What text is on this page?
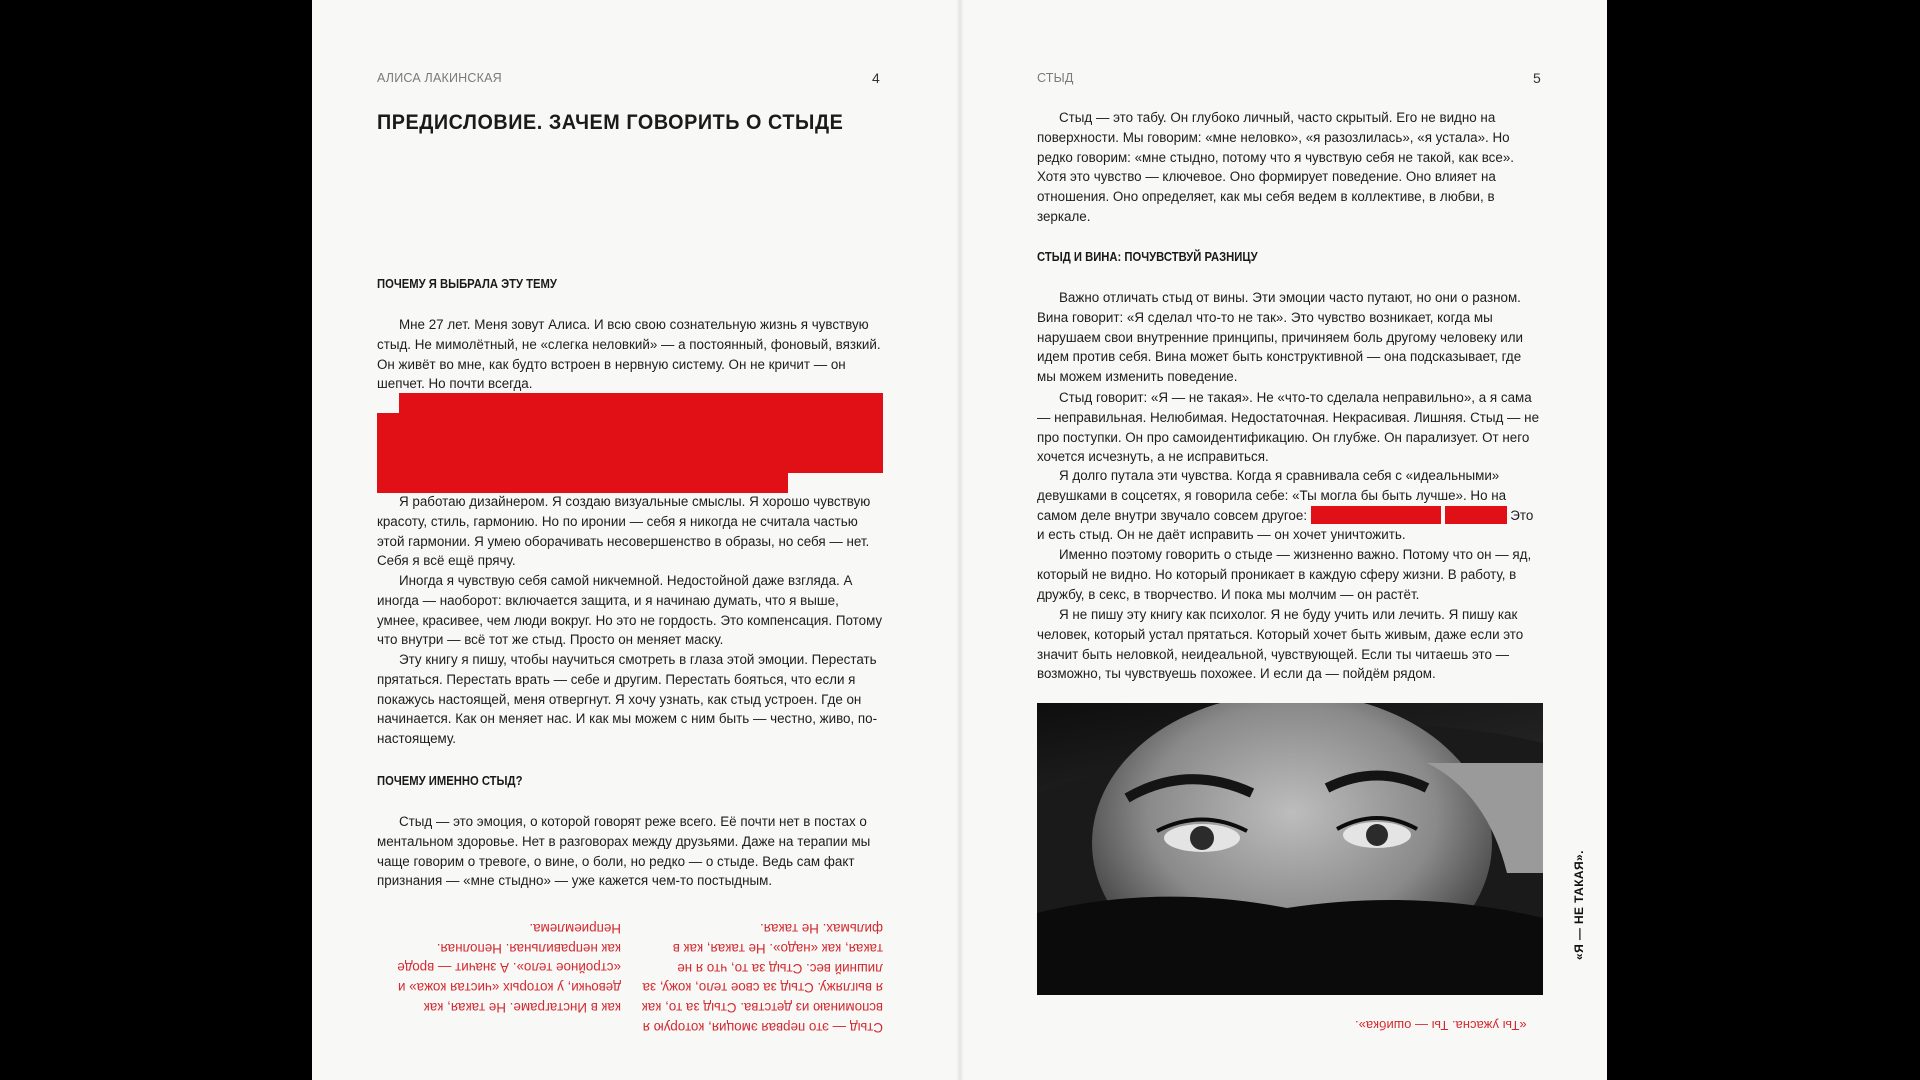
АЛИСА ЛАКИНСКАЯ	4
ПРЕДИСЛОВИЕ. ЗАЧЕМ ГОВОРИТЬ О СТЫДЕ
ПОЧЕМУ Я ВЫБРАЛА ЭТУ ТЕМУ

Мне 27 лет. Меня зовут Алиса. И всю свою сознательную жизнь я чувствую стыд. Не мимолётный, не «слегка неловкий» — а постоянный, фоновый, вязкий. Он живёт во мне, как будто встроен в нервную систему. Он не кричит — он шепчет. Но почти всегда.

Я работаю дизайнером. Я создаю визуальные смыслы. Я хорошо чувствую красоту, стиль, гармонию. Но по иронии — себя я никогда не считала частью этой гармонии. Я умею оборачивать несовершенство в образы, но себя — нет. Себя я всё ещё прячу.

Иногда я чувствую себя самой никчемной. Недостойной даже взгляда. А иногда — наоборот: включается защита, и я начинаю думать, что я выше, умнее, красивее, чем люди вокруг. Но это не гордость. Это компенсация. Потому что внутри — всё тот же стыд. Просто он меняет маску.

Эту книгу я пишу, чтобы научиться смотреть в глаза этой эмоции. Перестать прятаться. Перестать врать — себе и другим. Перестать бояться, что если я покажусь настоящей, меня отвергнут. Я хочу узнать, как стыд устроен. Где он начинается. Как он меняет нас. И как мы можем с ним быть — честно, живо, по-настоящему.

ПОЧЕМУ ИМЕННО СТЫД?

Стыд — это эмоция, о которой говорят реже всего. Её почти нет в постах о ментальном здоровье. Нет в разговорах между друзьями. Даже на терапии мы чаще говорим о тревоге, о вине, о боли, но редко — о стыде. Ведь сам факт признания — «мне стыдно» — уже кажется чем-то постыдным.

как в Инстаграме. Не такая, как девочки, у которых «чистая кожа» и «стройное тело». А значит — вроде как неправильная. Неполная. Неприемлема.

Стыд — это первая эмоция, которую я вспоминаю из детства. Стыд за то, как я выгляжу. Стыд за свое тело, кожу, за лишний вес. Стыд за то, что я не такая, как «надо». Не такая, как в фильмах. Не такая.

СТЫД	5

Стыд — это табу. Он глубоко личный, часто скрытый. Его не видно на поверхности. Мы говорим: «мне неловко», «я разозлилась», «я устала». Но редко говорим: «мне стыдно, потому что я чувствую себя не такой, как все». Хотя это чувство — ключевое. Оно формирует поведение. Оно влияет на отношения. Оно определяет, как мы себя ведем в коллективе, в любви, в зеркале.

СТЫД И ВИНА: ПОЧУВСТВУЙ РАЗНИЦУ

Важно отличать стыд от вины. Эти эмоции часто путают, но они о разном. Вина говорит: «Я сделал что-то не так». Это чувство возникает, когда мы нарушаем свои внутренние принципы, причиняем боль другому человеку или идем против себя. Вина может быть конструктивной — она подсказывает, где мы можем изменить поведение.

Стыд говорит: «Я — не такая». Не «что-то сделала неправильно», а я сама — неправильная. Нелюбимая. Недостаточная. Некрасивая. Лишняя. Стыд — не про поступки. Он про самоидентификацию. Он глубже. Он парализует. От него хочется исчезнуть, а не исправиться.

Я долго путала эти чувства. Когда я сравнивала себя с «идеальными» девушками в соцсетях, я говорила себе: «Ты могла бы быть лучше». Но на самом деле внутри звучало совсем другое:	Это и есть стыд. Он не даёт исправить — он хочет уничтожить.

Именно поэтому говорить о стыде — жизненно важно. Потому что он — яд, который не видно. Но который проникает в каждую сферу жизни. В работу, в дружбу, в секс, в творчество. И пока мы молчим — он растёт.

Я не пишу эту книгу как психолог. Я не буду учить или лечить. Я пишу как человек, который устал прятаться. Который хочет быть живым, даже если это значит быть неловкой, неидеальной, чувствующей. Если ты читаешь это — возможно, ты чувствуешь похожее. И если да — пойдём рядом.

«Я — НЕ ТАКАЯ».

«Ты ужасна. Ты — ошибка».
